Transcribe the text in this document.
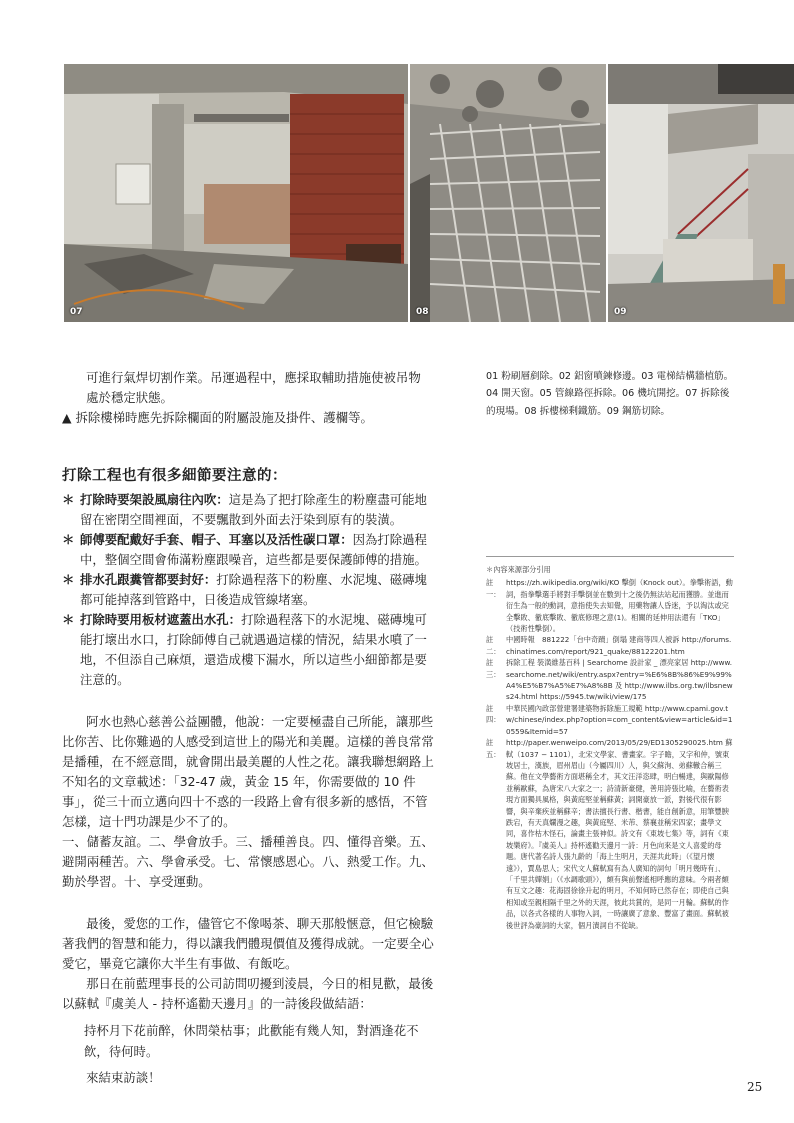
07	08	09

可進行氣焊切割作業。吊運過程中，應採取輔助措施使被吊物

處於穩定狀態。

▲ 拆除樓梯時應先拆除欄面的附屬設施及掛件、護欄等。

打除工程也有很多細節要注意的：
＊ 打除時要架設風扇往內吹：這是為了把打除產生的粉塵盡可能地留在密閉空間裡面，不要飄散到外面去汙染到原有的裝潢。
＊ 師傅要配戴好手套、帽子、耳塞以及活性碳口罩：因為打除過程中，整個空間會佈滿粉塵跟噪音，這些都是要保護師傅的措施。
＊ 排水孔跟糞管都要封好：打除過程落下的粉塵、水泥塊、磁磚塊都可能掉落到管路中，日後造成管線堵塞。
＊ 打除時要用板材遮蓋出水孔：打除過程落下的水泥塊、磁磚塊可能打壞出水口，打除師傅自己就遇過這樣的情況，結果水噴了一地，不但添自己麻煩，還造成樓下漏水，所以這些小細節都是要注意的。

阿水也熱心慈善公益團體，他說：一定要極盡自己所能，讓那些比你苦、比你難過的人感受到這世上的陽光和美麗。這樣的善良常常是播種，在不經意間，就會開出最美麗的人性之花。讓我聯想網路上不知名的文章載述：「32-47 歲，黃金 15 年，你需要做的 10 件事」，從三十而立邁向四十不惑的一段路上會有很多新的感悟，不管怎樣，這十門功課是少不了的。

一、儲蓄友誼。二、學會放手。三、播種善良。四、懂得音樂。五、避開兩種苦。六、學會承受。七、常懷感恩心。八、熱愛工作。九、勤於學習。十、享受運動。

最後，愛您的工作，儘管它不像喝茶、聊天那般愜意，但它檢驗著我們的智慧和能力，得以讓我們體現價值及獲得成就。一定要全心愛它，畢竟它讓你大半生有事做、有飯吃。

那日在前藍理事長的公司訪問叨擾到淩晨，今日的相見歡，最後以蘇軾『虞美人 - 持杯遙勸天邊月』的一詩後段做結語：

持杯月下花前醉，休問榮枯事；此歡能有幾人知，對酒逢花不飲，待何時。

來結束訪談！

01 粉刷層剷除。02 鋁窗噴鍊修邊。03 電梯結構牆植筋。04 開天窗。05 管線路徑拆除。06 機坑開挖。07 拆除後的現場。08 拆樓梯剩鐵筋。09 鋼筋切除。
＊內容來源部分引用
註一：
https://zh.wikipedia.org/wiki/KO 擊倒（Knock out）。拳擊術語，動詞，指拳擊選手將對手擊倒並在數到十之後仍無法站起而獲勝。並進而衍生為一般的動詞，意指使失去知覺，用藥物讓人昏迷，予以淘汰或完全擊敗、徹底擊敗、徹底修理之意(1)。相關的延伸用法還有「TKO」（技術性擊倒）。
註二：
中國時報　881222「台中奇蹟」倒塌 建商等四人被訴 http://forums.chinatimes.com/report/921_quake/88122201.htm
註三：
拆除工程 裝潢維基百科 | Searchome 設計家 _ 漂亮家居 http://www.searchome.net/wiki/entry.aspx?entry=%E6%8B%86%E9%99%A4%E5%B7%A5%E7%A8%8B 及 http://www.ilbs.org.tw/ilbsnews24.html https://5945.tw/wiki/view/175
註四：
中華民國內政部營建署建築物拆除施工規範 http://www.cpami.gov.tw/chinese/index.php?option=com_content&view=article&id=10559&Itemid=57
註五：
http://paper.wenweipo.com/2013/05/29/ED1305290025.htm 蘇軾（1037 − 1101），北宋文學家、書畫家。字子瞻，又字和仲，號東坡居士，漢族，眉州眉山（今屬四川）人，與父蘇洵、弟蘇轍合稱三蘇。他在文學藝術方面堪稱全才，其文汪洋恣肆，明白暢達，與歐陽修並稱歐蘇，為唐宋八大家之一；詩清新豪健，善用誇張比喻，在藝術表現方面獨具風格，與黃庭堅並稱蘇黃；詞開豪放一派，對後代很有影響，與辛棄疾並稱蘇辛；書法擅長行書、楷書，能自創新意，用筆豐腴跌宕，有天真爛漫之趣，與黃庭堅、米芾、蔡襄並稱宋四家；畫學文同，喜作枯木怪石，論畫主張神似。詩文有《東坡七集》等，詞有《東坡樂府》。『虞美人』持杯遙勸天邊月一詩：月色向來是文人喜愛的母題。唐代著名詩人張九齡的「海上生明月，天涯共此時」（《望月懷遠》），賈島思人；宋代文人蘇軾寫有為人廣知的詞句「明月幾時有」、「千里共嬋娟」（《水調歌頭》），頗有與前聲遙相呼應的意味。今兩者頗有互文之趣：花海固徐徐升起的明月，不知何時已然存在；即使自己與相知或至親相隔千里之外的天涯，彼此共賞的，是同一月輪。蘇軾的作品，以各式各樣的人事物入詞，一時讓廣了意象、豐富了畫面。蘇軾被後世評為豪詞的大家，個月漬詞自不從缺。
25
